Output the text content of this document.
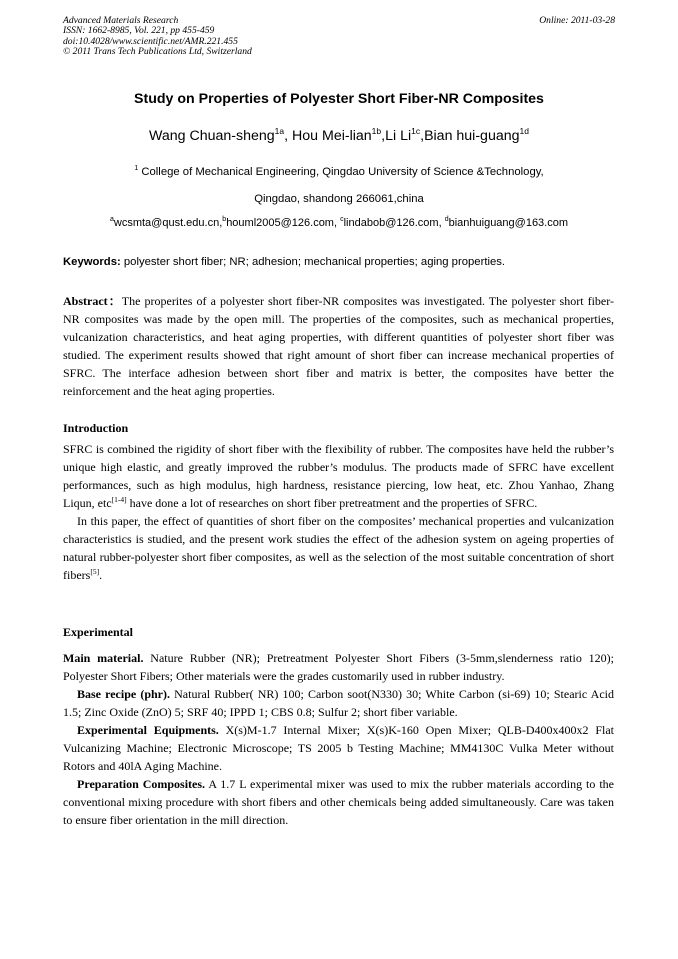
Advanced Materials Research
ISSN: 1662-8985, Vol. 221, pp 455-459
doi:10.4028/www.scientific.net/AMR.221.455
© 2011 Trans Tech Publications Ltd, Switzerland
Online: 2011-03-28
Study on Properties of Polyester Short Fiber-NR Composites
Wang Chuan-sheng$^{1a}$, Hou Mei-lian$^{1b}$,Li $Li^{1c},Bian$ hui-guang$^{1d}$
$^1$ College of Mechanical Engineering, Qingdao University of Science &Technology,
Qingdao, shandong 266061,china
$^a$wcsmta@qust.edu.cn,$^b$houml2005@126.com, $^c$lindabob@126.com, $^d$bianhuiguang@163.com
Keywords: polyester short fiber; NR; adhesion; mechanical properties; aging properties.
Abstract：The properites of a polyester short fiber-NR composites was investigated. The polyester short fiber-NR composites was made by the open mill. The properties of the composites, such as mechanical properties, vulcanization characteristics, and heat aging properties, with different quantities of polyester short fiber was studied. The experiment results showed that right amount of short fiber can increase mechanical properties of SFRC. The interface adhesion between short fiber and matrix is better, the composites have better the reinforcement and the heat aging properties.
Introduction

SFRC is combined the rigidity of short fiber with the flexibility of rubber. The composites have held the rubber’s unique high elastic, and greatly improved the rubber’s modulus. The products made of SFRC have excellent performances, such as high modulus, high hardness, resistance piercing, low heat, etc. Zhou Yanhao, Zhang Liqun, etc[1-4] have done a lot of researches on short fiber pretreatment and the properties of SFRC.

In this paper, the effect of quantities of short fiber on the composites’ mechanical properties and vulcanization characteristics is studied, and the present work studies the effect of the adhesion system on ageing properties of natural rubber-polyester short fiber composites, as well as the selection of the most suitable concentration of short fibers[5].

Experimental

Main material. Nature Rubber (NR); Pretreatment Polyester Short Fibers (3-5mm,slenderness ratio 120); Polyester Short Fibers; Other materials were the grades customarily used in rubber industry.

Base recipe (phr). Natural Rubber( NR) 100; Carbon soot(N330) 30; White Carbon (si-69) 10; Stearic Acid 1.5; Zinc Oxide (ZnO) 5; SRF 40; IPPD 1; CBS 0.8; Sulfur 2; short fiber variable.

Experimental Equipments. X(s)M-1.7 Internal Mixer; X(s)K-160 Open Mixer; QLB-D400x400x2 Flat Vulcanizing Machine; Electronic Microscope; TS 2005 b Testing Machine; MM4130C Vulka Meter without Rotors and 40lA Aging Machine.

Preparation Composites. A 1.7 L experimental mixer was used to mix the rubber materials according to the conventional mixing procedure with short fibers and other chemicals being added simultaneously. Care was taken to ensure fiber orientation in the mill direction.
